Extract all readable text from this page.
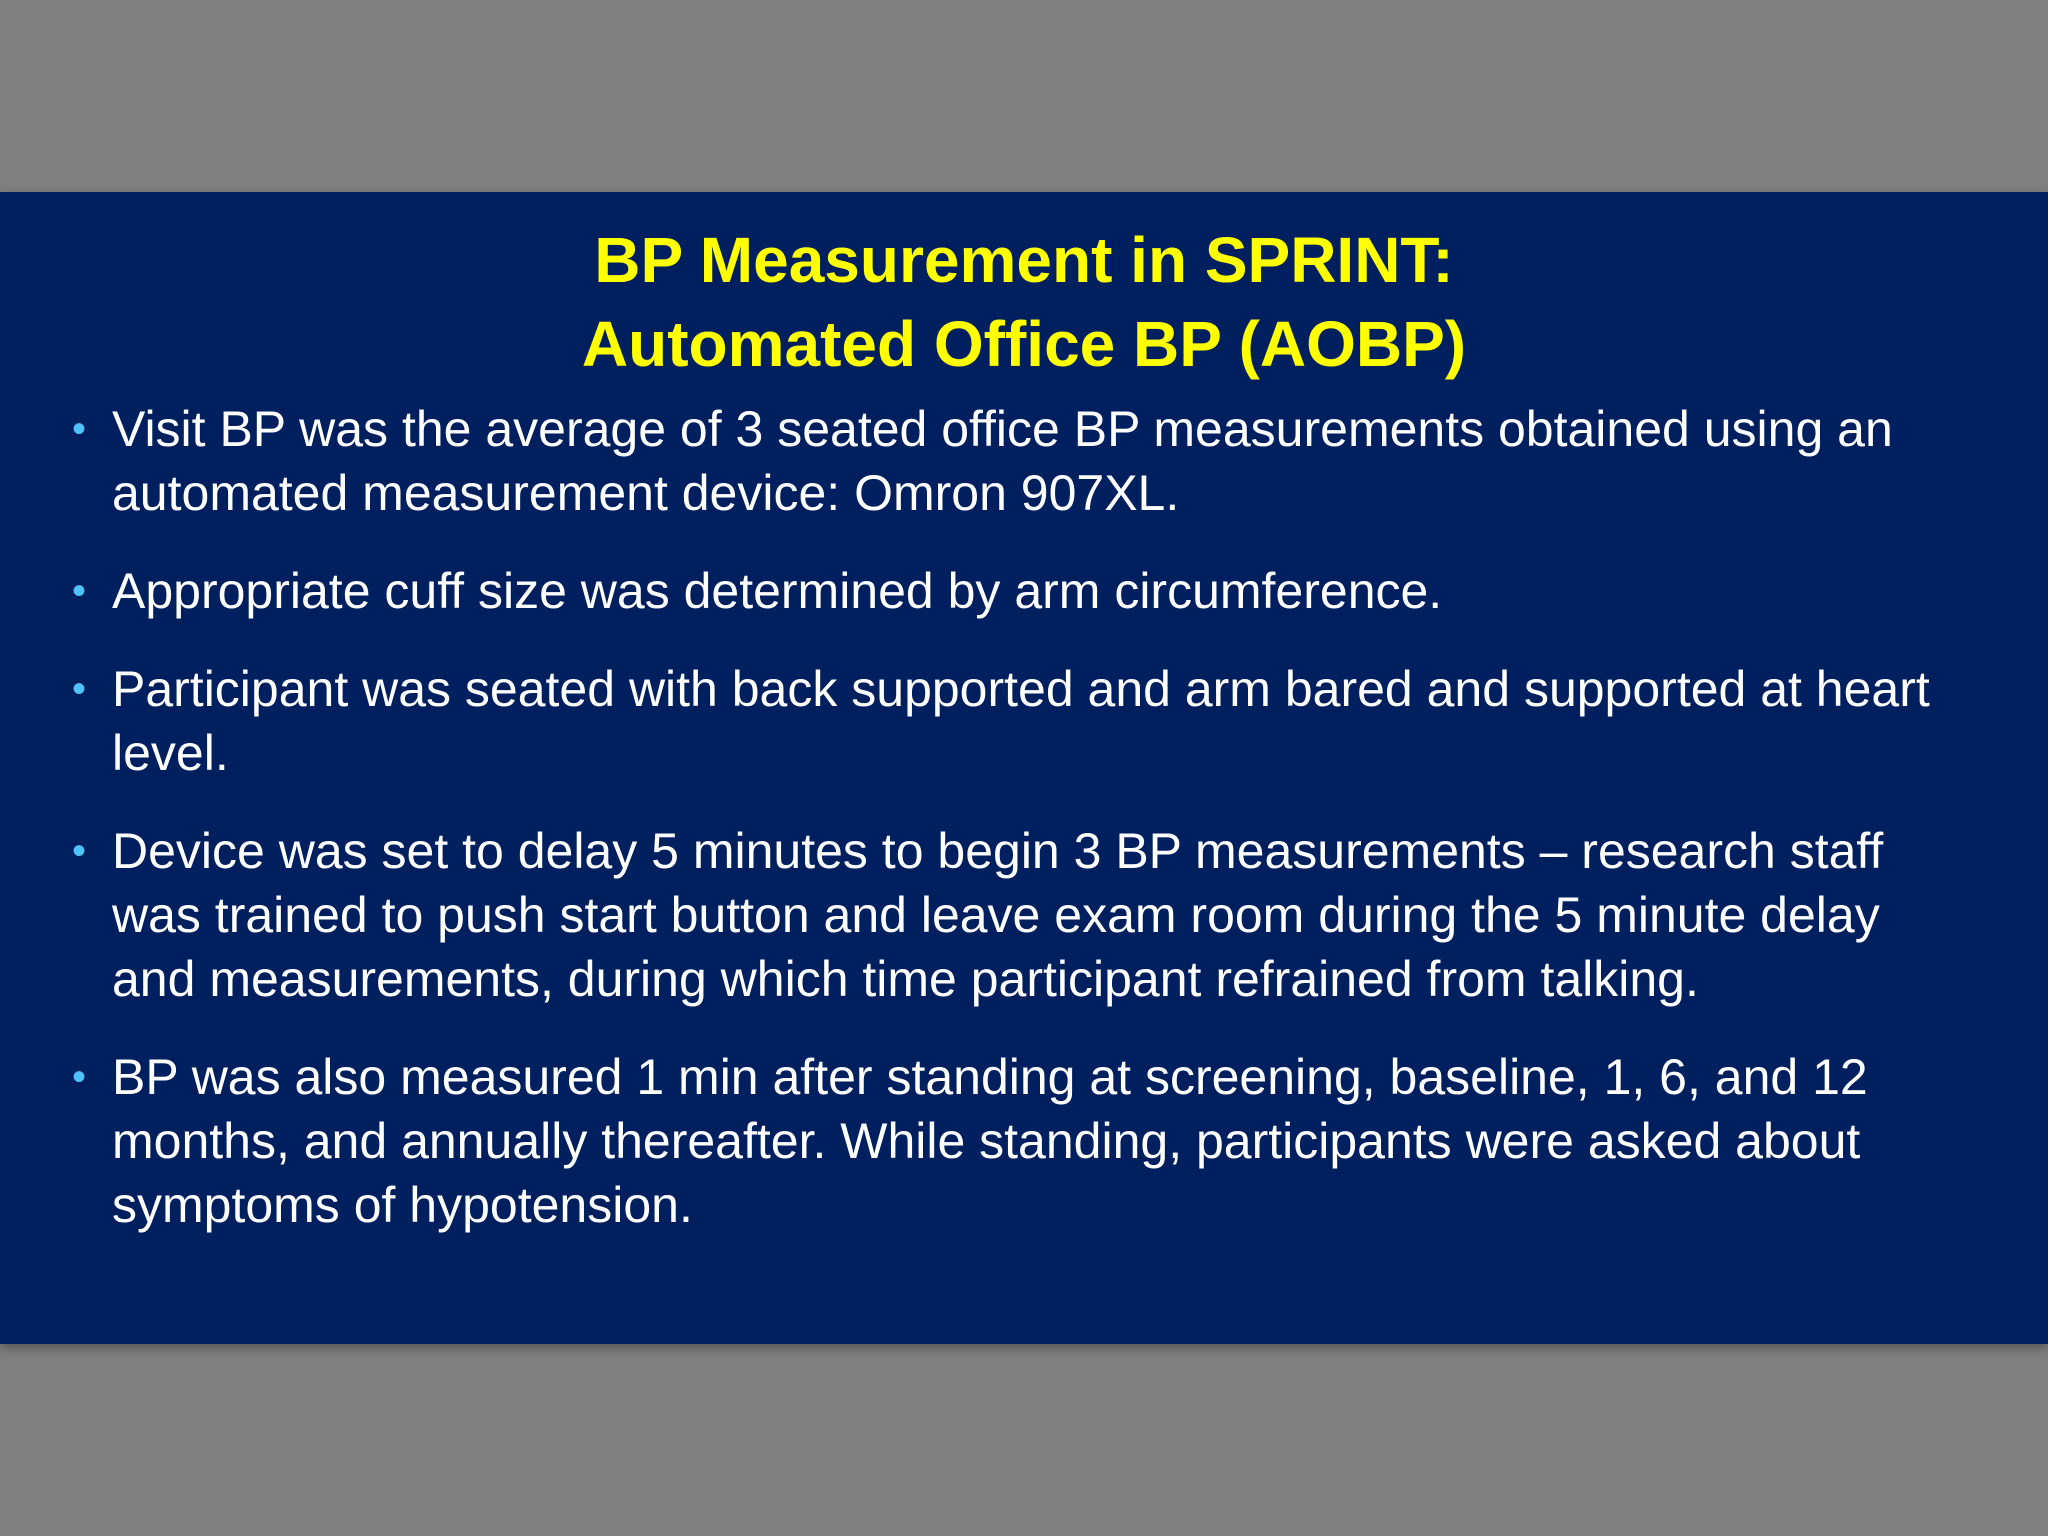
BP Measurement in SPRINT:
Automated Office BP (AOBP)
• Visit BP was the average of 3 seated office BP measurements obtained using an automated measurement device: Omron 907XL.
• Appropriate cuff size was determined by arm circumference.
• Participant was seated with back supported and arm bared and supported at heart level.
• Device was set to delay 5 minutes to begin 3 BP measurements – research staff was trained to push start button and leave exam room during the 5 minute delay and measurements, during which time participant refrained from talking.
• BP was also measured 1 min after standing at screening, baseline, 1, 6, and 12 months, and annually thereafter. While standing, participants were asked about symptoms of hypotension.
